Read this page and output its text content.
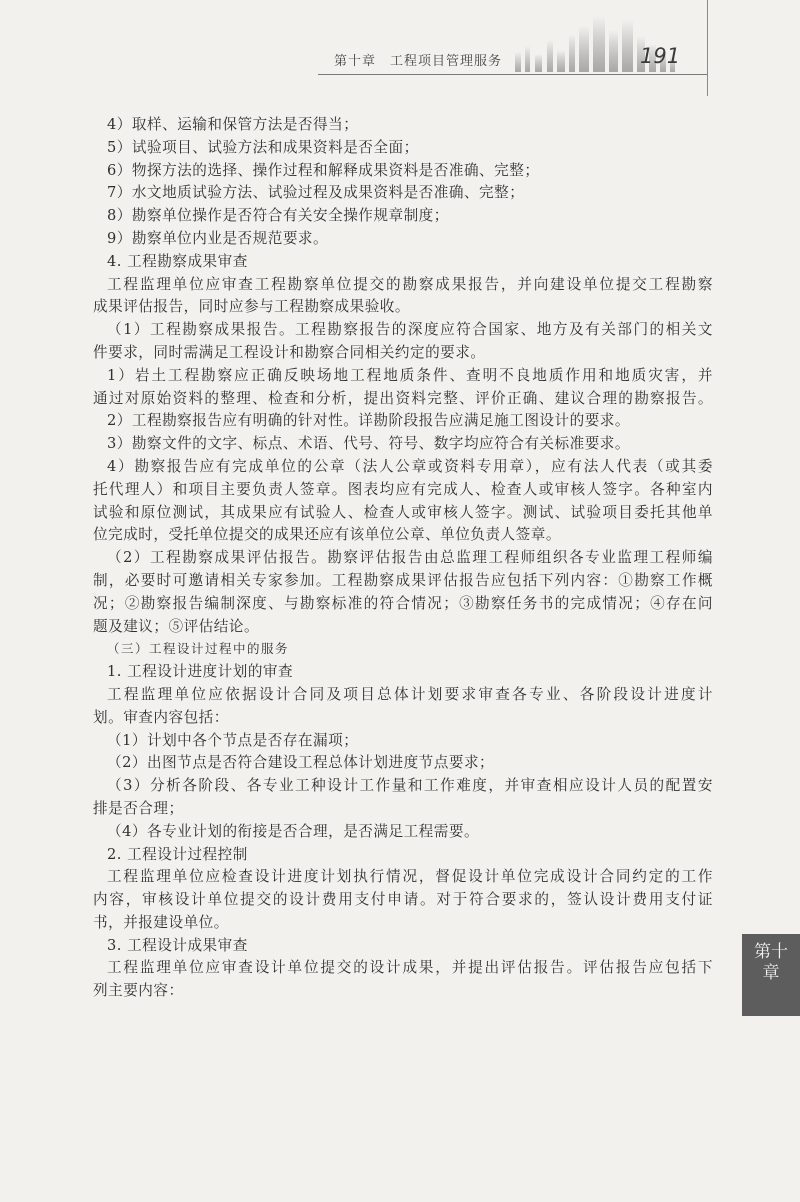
第十章　工程项目管理服务	191
4）取样、运输和保管方法是否得当；
5）试验项目、试验方法和成果资料是否全面；
6）物探方法的选择、操作过程和解释成果资料是否准确、完整；
7）水文地质试验方法、试验过程及成果资料是否准确、完整；
8）勘察单位操作是否符合有关安全操作规章制度；
9）勘察单位内业是否规范要求。
4. 工程勘察成果审查
工程监理单位应审查工程勘察单位提交的勘察成果报告，并向建设单位提交工程勘察
成果评估报告，同时应参与工程勘察成果验收。
（1）工程勘察成果报告。工程勘察报告的深度应符合国家、地方及有关部门的相关文
件要求，同时需满足工程设计和勘察合同相关约定的要求。
1）岩土工程勘察应正确反映场地工程地质条件、查明不良地质作用和地质灾害，并
通过对原始资料的整理、检查和分析，提出资料完整、评价正确、建议合理的勘察报告。
2）工程勘察报告应有明确的针对性。详勘阶段报告应满足施工图设计的要求。
3）勘察文件的文字、标点、术语、代号、符号、数字均应符合有关标准要求。
4）勘察报告应有完成单位的公章（法人公章或资料专用章），应有法人代表（或其委
托代理人）和项目主要负责人签章。图表均应有完成人、检查人或审核人签字。各种室内
试验和原位测试，其成果应有试验人、检查人或审核人签字。测试、试验项目委托其他单
位完成时，受托单位提交的成果还应有该单位公章、单位负责人签章。
（2）工程勘察成果评估报告。勘察评估报告由总监理工程师组织各专业监理工程师编
制，必要时可邀请相关专家参加。工程勘察成果评估报告应包括下列内容：①勘察工作概
况；②勘察报告编制深度、与勘察标准的符合情况；③勘察任务书的完成情况；④存在问
题及建议；⑤评估结论。
（三）工程设计过程中的服务
1. 工程设计进度计划的审查
工程监理单位应依据设计合同及项目总体计划要求审查各专业、各阶段设计进度计
划。审查内容包括：
（1）计划中各个节点是否存在漏项；
（2）出图节点是否符合建设工程总体计划进度节点要求；
（3）分析各阶段、各专业工种设计工作量和工作难度，并审查相应设计人员的配置安
排是否合理；
（4）各专业计划的衔接是否合理，是否满足工程需要。
2. 工程设计过程控制
工程监理单位应检查设计进度计划执行情况，督促设计单位完成设计合同约定的工作
内容，审核设计单位提交的设计费用支付申请。对于符合要求的，签认设计费用支付证
书，并报建设单位。
3. 工程设计成果审查
工程监理单位应审查设计单位提交的设计成果，并提出评估报告。评估报告应包括下
列主要内容：
第十
章
